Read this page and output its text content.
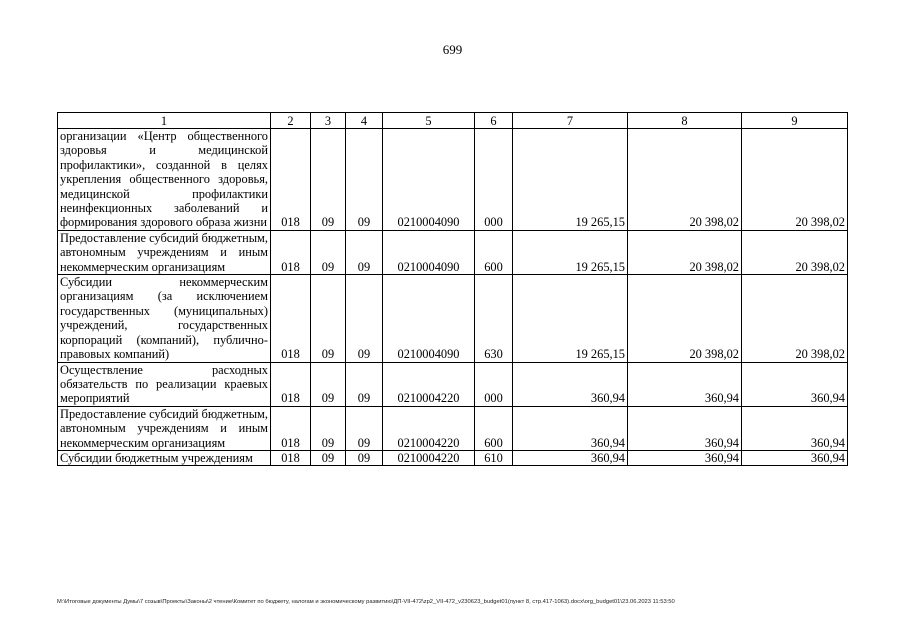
699
1	2	3	4	5	6	7	8	9
организации «Центр общественного здоровья и медицинской профилактики», созданной в целях укрепления общественного здоровья, медицинской профилактики неинфекционных заболеваний и формирования здорового образа жизни	018	09	09	0210004090	000	19 265,15	20 398,02	20 398,02
Предоставление субсидий бюджетным, автономным учреждениям и иным некоммерческим организациям	018	09	09	0210004090	600	19 265,15	20 398,02	20 398,02
Субсидии некоммерческим организациям (за исключением государственных (муниципальных) учреждений, государственных корпораций (компаний), публично-правовых компаний)	018	09	09	0210004090	630	19 265,15	20 398,02	20 398,02
Осуществление расходных обязательств по реализации краевых мероприятий	018	09	09	0210004220	000	360,94	360,94	360,94
Предоставление субсидий бюджетным, автономным учреждениям и иным некоммерческим организациям	018	09	09	0210004220	600	360,94	360,94	360,94
Субсидии бюджетным учреждениям	018	09	09	0210004220	610	360,94	360,94	360,94
M:\Итоговые документы Думы\7 созыв\Проекты\Законы\2 чтение\Комитет по бюджету, налогам и экономическому развитию\ДП-VII-472\zp2_VII-472_v230623_budget01(пункт 8, стр.417-1063).docx\org_budget01\23.06.2023 11:53:50
